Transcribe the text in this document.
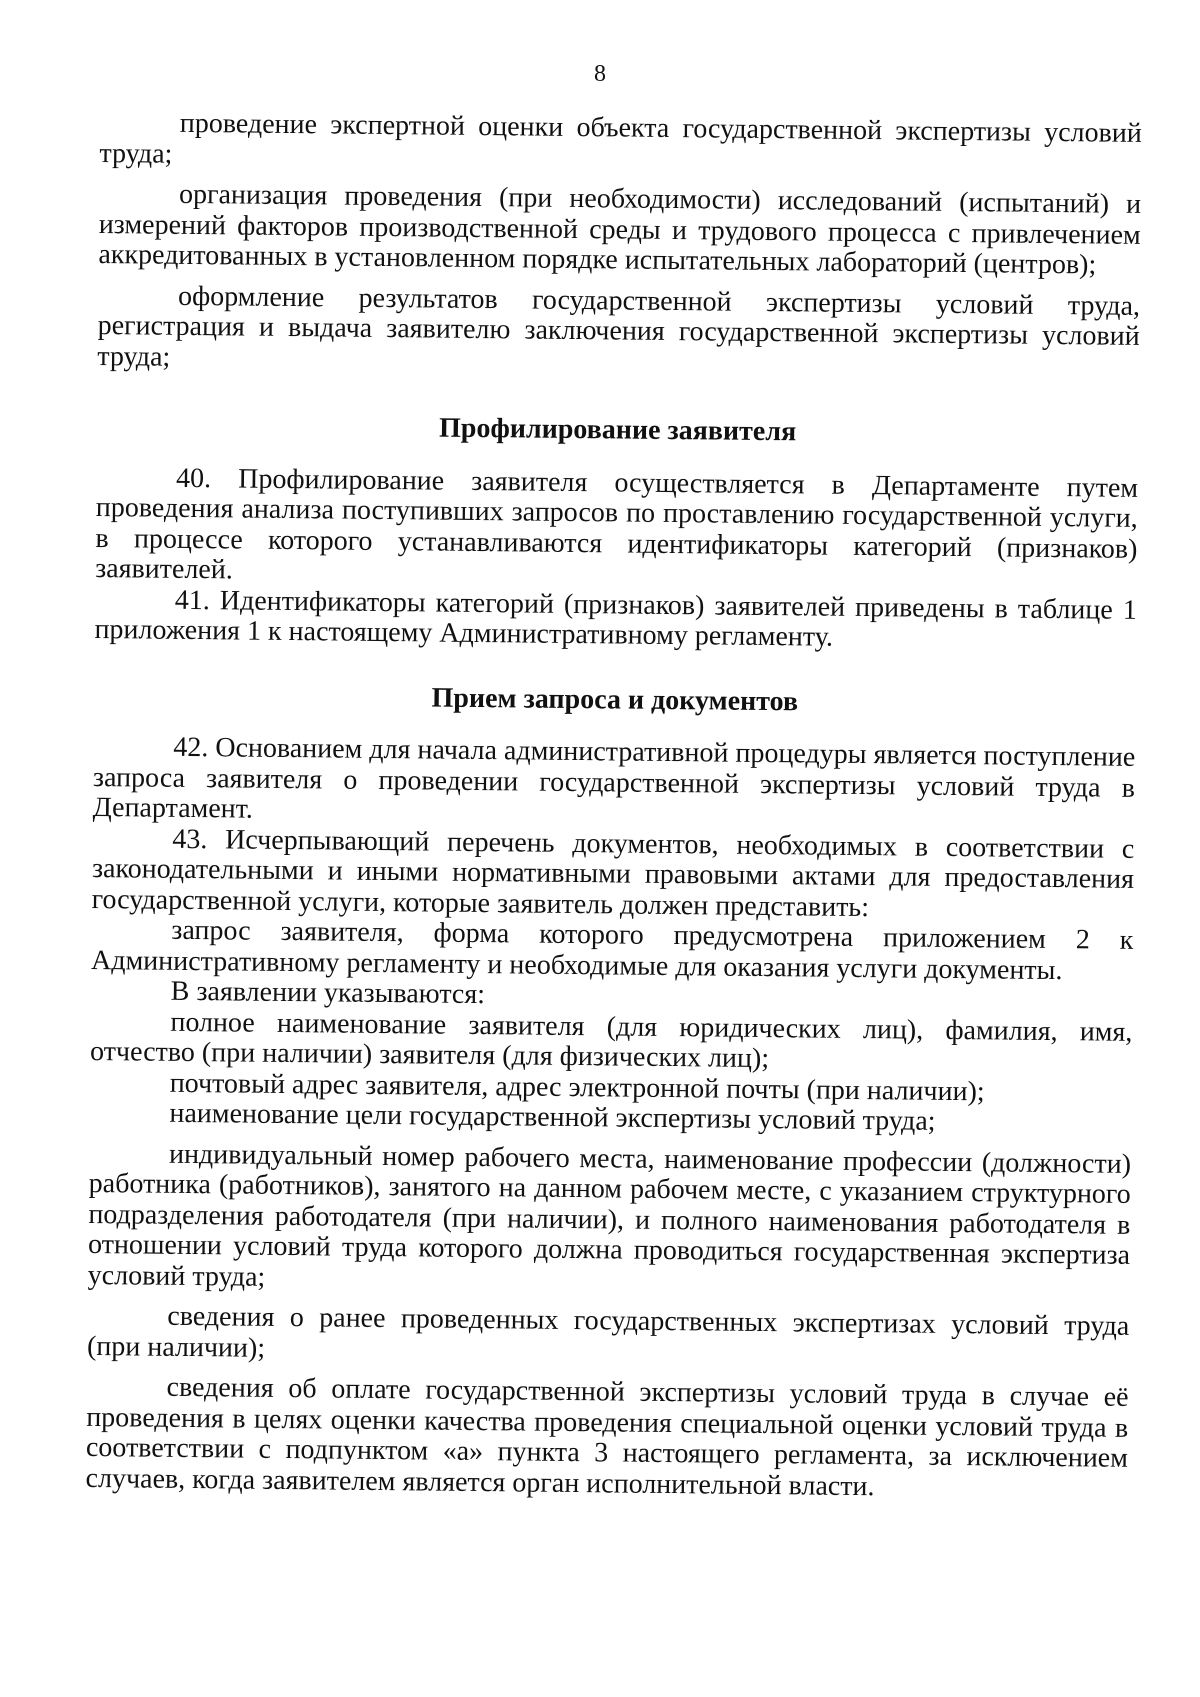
8

проведение экспертной оценки объекта государственной экспертизы условий труда;

организация проведения (при необходимости) исследований (испытаний) и измерений факторов производственной среды и трудового процесса с привлечением аккредитованных в установленном порядке испытательных лабораторий (центров);

оформление результатов государственной экспертизы условий труда, регистрация и выдача заявителю заключения государственной экспертизы условий труда;

Профилирование заявителя

40. Профилирование заявителя осуществляется в Департаменте путем проведения анализа поступивших запросов по проставлению государственной услуги, в процессе которого устанавливаются идентификаторы категорий (признаков) заявителей.

41. Идентификаторы категорий (признаков) заявителей приведены в таблице 1 приложения 1 к настоящему Административному регламенту.

Прием запроса и документов

42. Основанием для начала административной процедуры является поступление запроса заявителя о проведении государственной экспертизы условий труда в Департамент.

43. Исчерпывающий перечень документов, необходимых в соответствии с законодательными и иными нормативными правовыми актами для предоставления государственной услуги, которые заявитель должен представить:

запрос заявителя, форма которого предусмотрена приложением 2 к Административному регламенту и необходимые для оказания услуги документы.

В заявлении указываются:

полное наименование заявителя (для юридических лиц), фамилия, имя, отчество (при наличии) заявителя (для физических лиц);

почтовый адрес заявителя, адрес электронной почты (при наличии);

наименование цели государственной экспертизы условий труда;

индивидуальный номер рабочего места, наименование профессии (должности) работника (работников), занятого на данном рабочем месте, с указанием структурного подразделения работодателя (при наличии), и полного наименования работодателя в отношении условий труда которого должна проводиться государственная экспертиза условий труда;

сведения о ранее проведенных государственных экспертизах условий труда (при наличии);

сведения об оплате государственной экспертизы условий труда в случае её проведения в целях оценки качества проведения специальной оценки условий труда в соответствии с подпунктом «а» пункта 3 настоящего регламента, за исключением случаев, когда заявителем является орган исполнительной власти.
